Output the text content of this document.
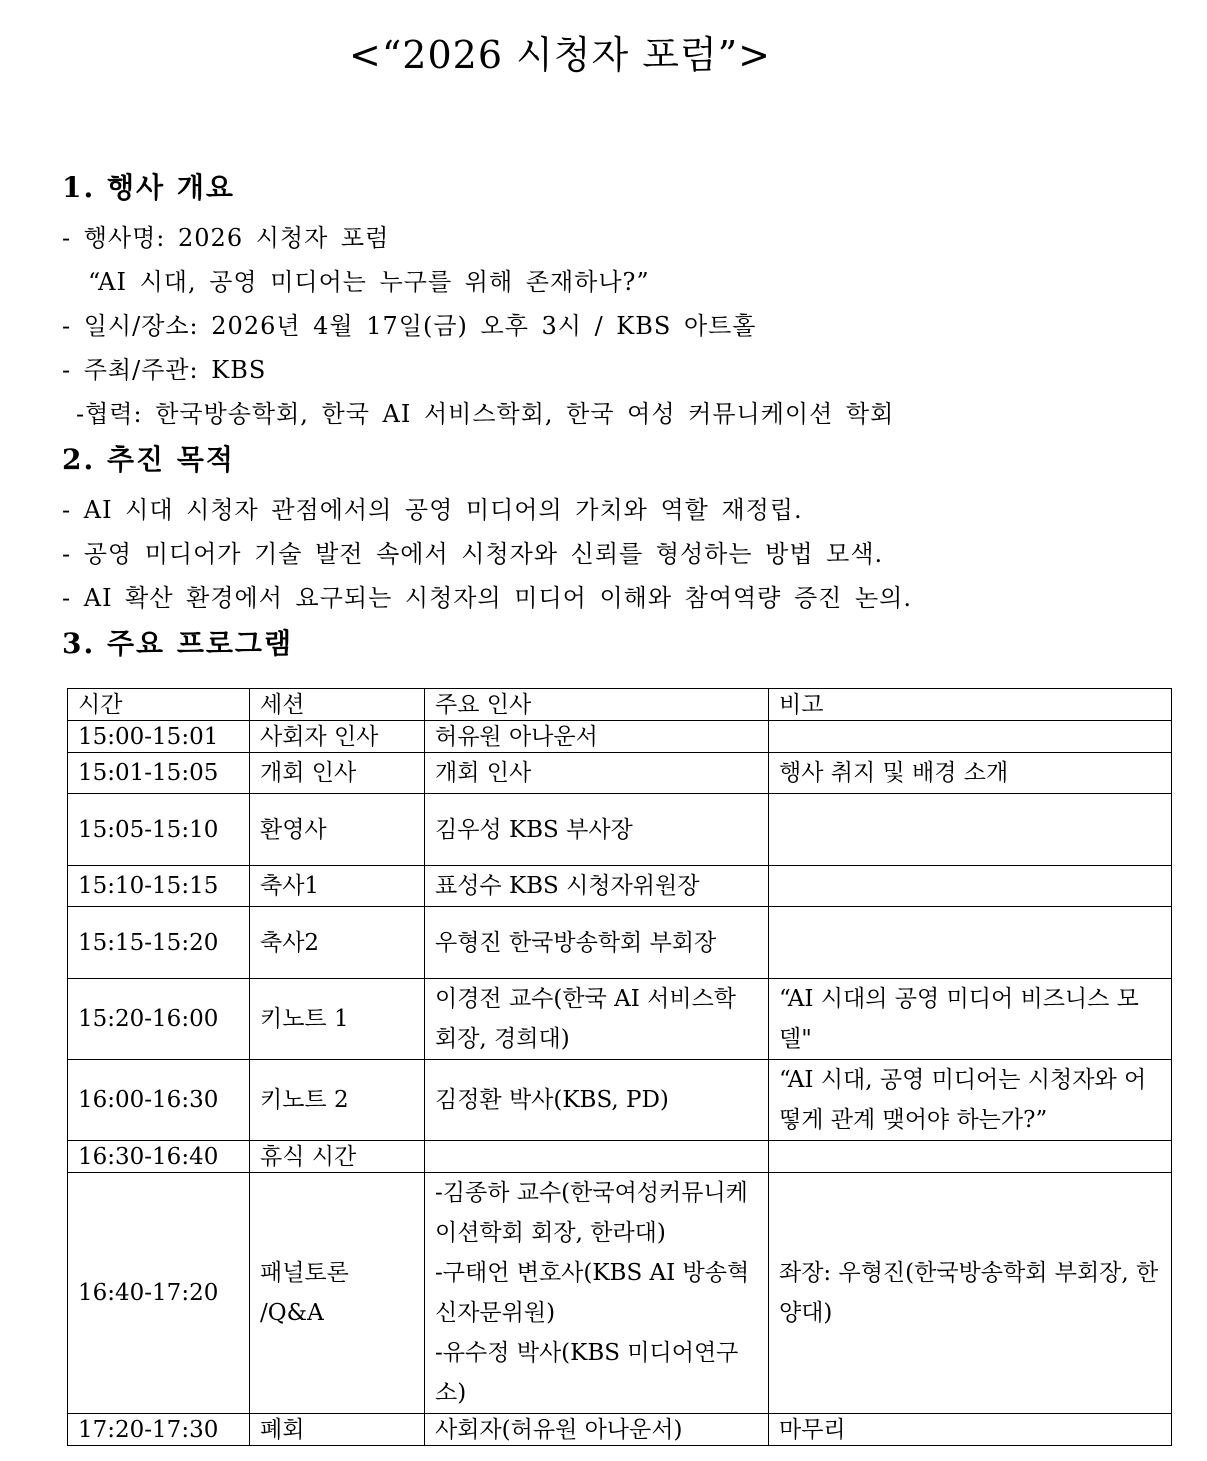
<“2026 시청자 포럼”>
1. 행사 개요
- 행사명: 2026 시청자 포럼
“AI 시대, 공영 미디어는 누구를 위해 존재하나?”
- 일시/장소: 2026년 4월 17일(금) 오후 3시 / KBS 아트홀
- 주최/주관: KBS
-협력: 한국방송학회, 한국 AI 서비스학회, 한국 여성 커뮤니케이션 학회
2. 추진 목적
- AI 시대 시청자 관점에서의 공영 미디어의 가치와 역할 재정립.
- 공영 미디어가 기술 발전 속에서 시청자와 신뢰를 형성하는 방법 모색.
- AI 확산 환경에서 요구되는 시청자의 미디어 이해와 참여역량 증진 논의.
3. 주요 프로그램
시간	세션	주요 인사	비고
15:00-15:01	사회자 인사	허유원 아나운서	
15:01-15:05	개회 인사	개회 인사	행사 취지 및 배경 소개
15:05-15:10	환영사	김우성 KBS 부사장	
15:10-15:15	축사1	표성수 KBS 시청자위원장	
15:15-15:20	축사2	우형진 한국방송학회 부회장	
15:20-16:00	키노트 1	이경전 교수(한국 AI 서비스학회장, 경희대)	“AI 시대의 공영 미디어 비즈니스 모델"
16:00-16:30	키노트 2	김정환 박사(KBS, PD)	“AI 시대, 공영 미디어는 시청자와 어떻게 관계 맺어야 하는가?”
16:30-16:40	휴식 시간		
16:40-17:20	패널토론 /Q&A	-김종하 교수(한국여성커뮤니케이션학회 회장, 한라대)
-구태언 변호사(KBS AI 방송혁신자문위원)
-유수정 박사(KBS 미디어연구소)	좌장: 우형진(한국방송학회 부회장, 한양대)
17:20-17:30	폐회	사회자(허유원 아나운서)	마무리
